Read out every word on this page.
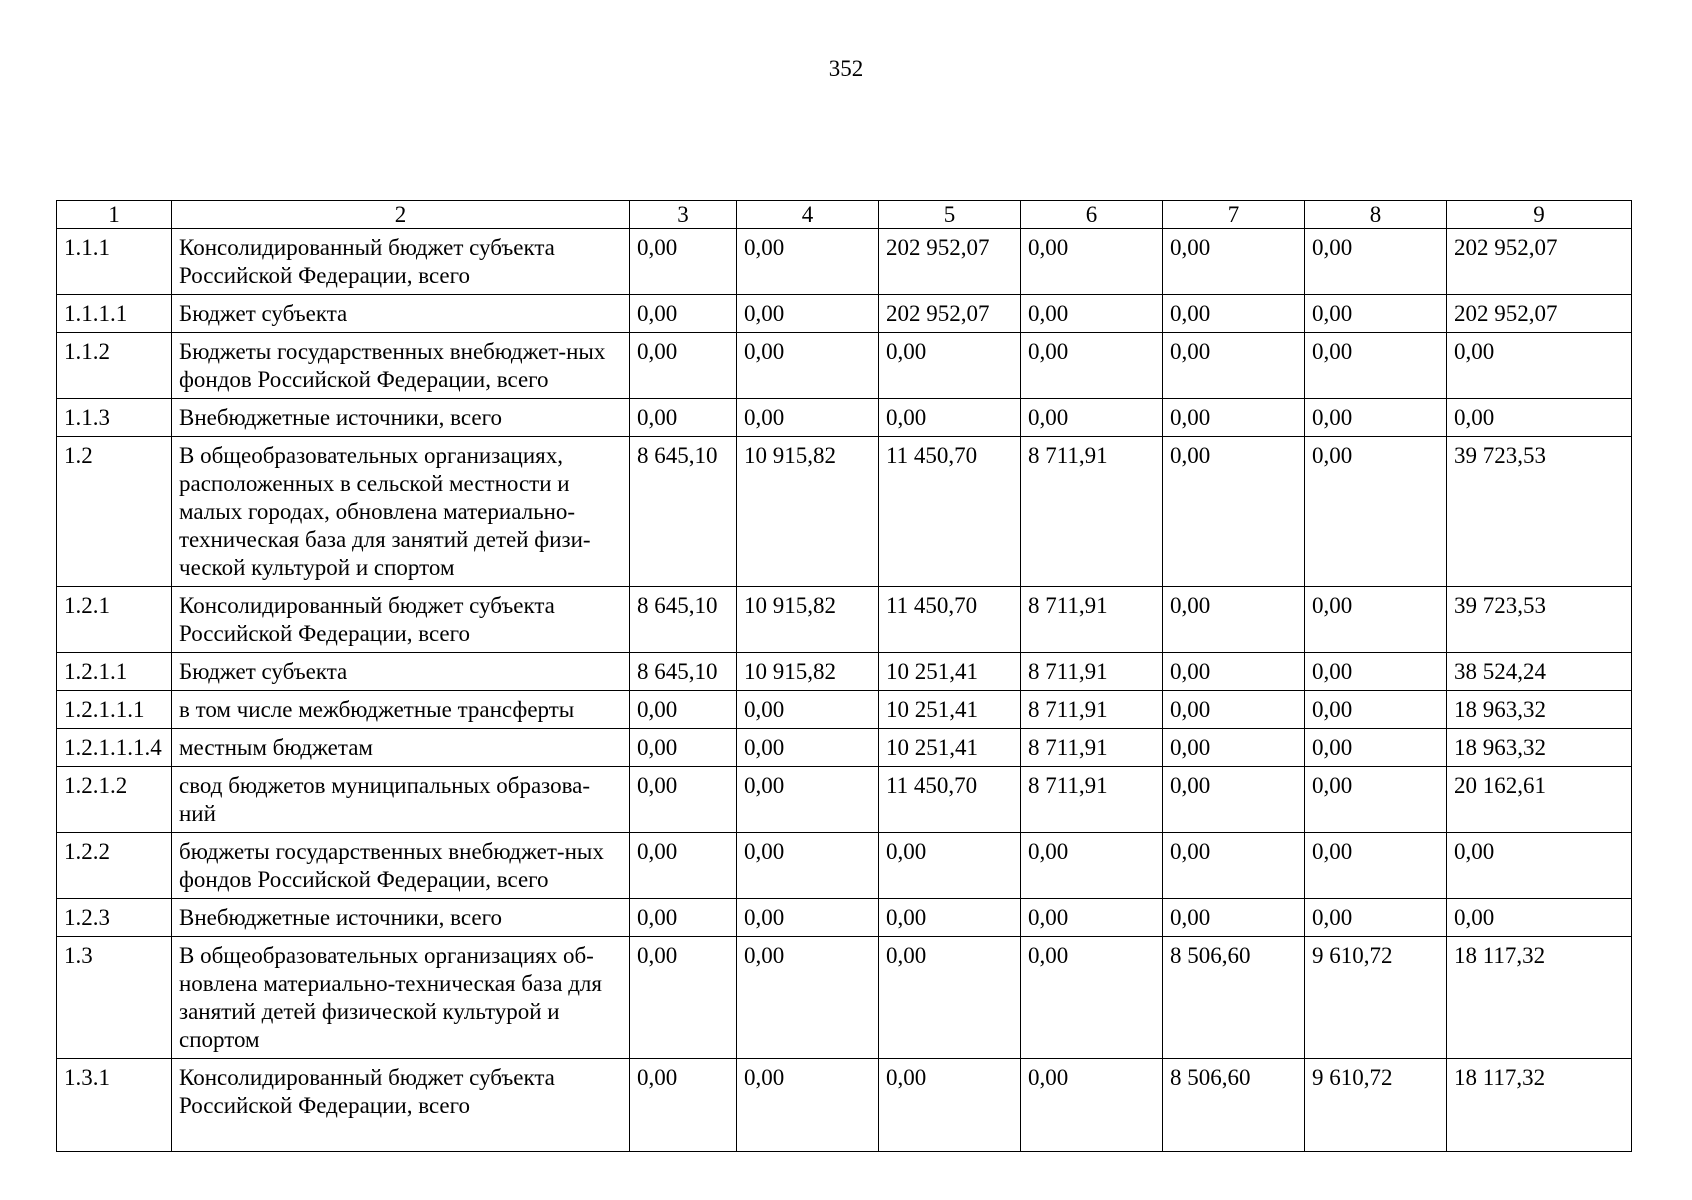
352
1	2	3	4	5	6	7	8	9
1.1.1	Консолидированный бюджет субъекта Российской Федерации, всего	0,00	0,00	202 952,07	0,00	0,00	0,00	202 952,07
1.1.1.1	Бюджет субъекта	0,00	0,00	202 952,07	0,00	0,00	0,00	202 952,07
1.1.2	Бюджеты государственных внебюджет-ных фондов Российской Федерации, всего	0,00	0,00	0,00	0,00	0,00	0,00	0,00
1.1.3	Внебюджетные источники, всего	0,00	0,00	0,00	0,00	0,00	0,00	0,00
1.2	В общеобразовательных организациях, расположенных в сельской местности и малых городах, обновлена материально-техническая база для занятий детей физи-ческой культурой и спортом	8 645,10	10 915,82	11 450,70	8 711,91	0,00	0,00	39 723,53
1.2.1	Консолидированный бюджет субъекта Российской Федерации, всего	8 645,10	10 915,82	11 450,70	8 711,91	0,00	0,00	39 723,53
1.2.1.1	Бюджет субъекта	8 645,10	10 915,82	10 251,41	8 711,91	0,00	0,00	38 524,24
1.2.1.1.1	в том числе межбюджетные трансферты	0,00	0,00	10 251,41	8 711,91	0,00	0,00	18 963,32
1.2.1.1.1.4	местным бюджетам	0,00	0,00	10 251,41	8 711,91	0,00	0,00	18 963,32
1.2.1.2	свод бюджетов муниципальных образова-ний	0,00	0,00	11 450,70	8 711,91	0,00	0,00	20 162,61
1.2.2	бюджеты государственных внебюджет-ных фондов Российской Федерации, всего	0,00	0,00	0,00	0,00	0,00	0,00	0,00
1.2.3	Внебюджетные источники, всего	0,00	0,00	0,00	0,00	0,00	0,00	0,00
1.3	В общеобразовательных организациях об-новлена материально-техническая база для занятий детей физической культурой и спортом	0,00	0,00	0,00	0,00	8 506,60	9 610,72	18 117,32
1.3.1	Консолидированный бюджет субъекта Российской Федерации, всего	0,00	0,00	0,00	0,00	8 506,60	9 610,72	18 117,32
